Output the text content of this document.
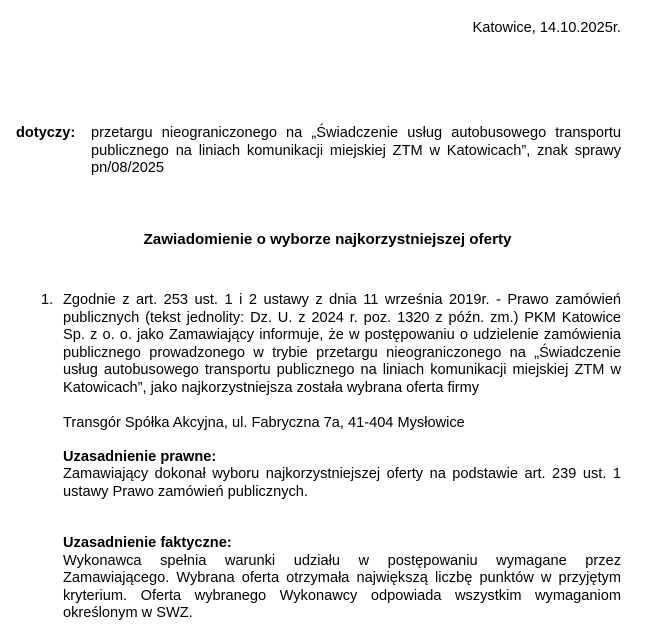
Katowice, 14.10.2025r.
dotyczy: przetargu nieograniczonego na „Świadczenie usług autobusowego transportu publicznego na liniach komunikacji miejskiej ZTM w Katowicach”, znak sprawy pn/08/2025
Zawiadomienie o wyborze najkorzystniejszej oferty
1. Zgodnie z art. 253 ust. 1 i 2 ustawy z dnia 11 września 2019r. - Prawo zamówień publicznych (tekst jednolity: Dz. U. z 2024 r. poz. 1320 z późn. zm.) PKM Katowice Sp. z o. o. jako Zamawiający informuje, że w postępowaniu o udzielenie zamówienia publicznego prowadzonego w trybie przetargu nieograniczonego na „Świadczenie usług autobusowego transportu publicznego na liniach komunikacji miejskiej ZTM w Katowicach”, jako najkorzystniejsza została wybrana oferta firmy

Transgór Spółka Akcyjna, ul. Fabryczna 7a, 41-404 Mysłowice

Uzasadnienie prawne:

Zamawiający dokonał wyboru najkorzystniejszej oferty na podstawie art. 239 ust. 1 ustawy Prawo zamówień publicznych.

Uzasadnienie faktyczne:

Wykonawca spełnia warunki udziału w postępowaniu wymagane przez Zamawiającego. Wybrana oferta otrzymała największą liczbę punktów w przyjętym kryterium. Oferta wybranego Wykonawcy odpowiada wszystkim wymaganiom określonym w SWZ.
